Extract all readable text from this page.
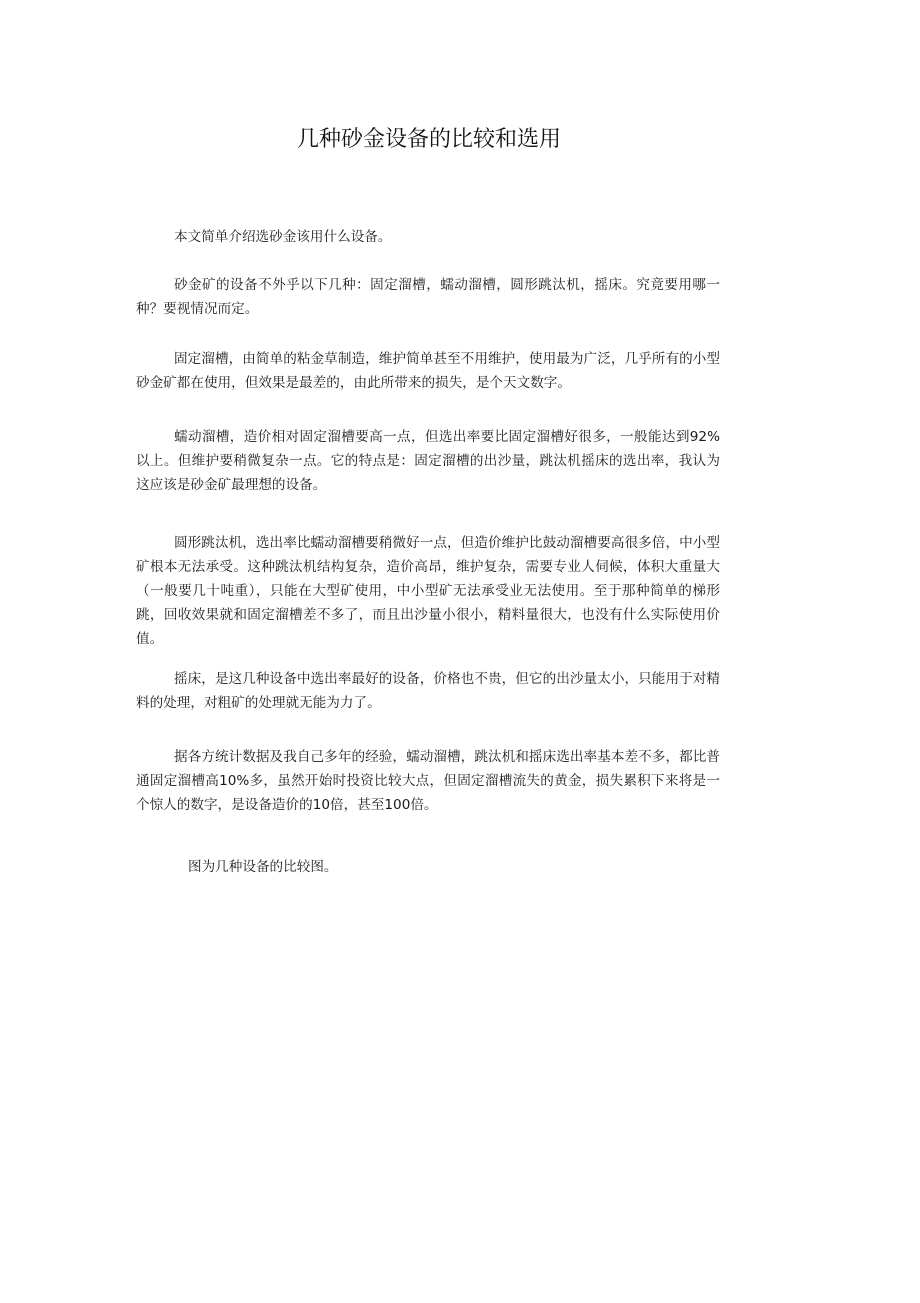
几种砂金设备的比较和选用

本文简单介绍选砂金该用什么设备。

砂金矿的设备不外乎以下几种：固定溜槽，蠕动溜槽，圆形跳汰机，摇床。究竟要用哪一种？要视情况而定。

固定溜槽，由简单的粘金草制造，维护简单甚至不用维护，使用最为广泛，几乎所有的小型砂金矿都在使用，但效果是最差的，由此所带来的损失，是个天文数字。

蠕动溜槽，造价相对固定溜槽要高一点，但选出率要比固定溜槽好很多，一般能达到92%以上。但维护要稍微复杂一点。它的特点是：固定溜槽的出沙量，跳汰机摇床的选出率，我认为这应该是砂金矿最理想的设备。

圆形跳汰机，选出率比蠕动溜槽要稍微好一点，但造价维护比鼓动溜槽要高很多倍，中小型矿根本无法承受。这种跳汰机结构复杂，造价高昂，维护复杂，需要专业人伺候，体积大重量大（一般要几十吨重），只能在大型矿使用，中小型矿无法承受业无法使用。至于那种简单的梯形跳，回收效果就和固定溜槽差不多了，而且出沙量小很小，精料量很大，也没有什么实际使用价值。

摇床，是这几种设备中选出率最好的设备，价格也不贵，但它的出沙量太小，只能用于对精料的处理，对粗矿的处理就无能为力了。

据各方统计数据及我自己多年的经验，蠕动溜槽，跳汰机和摇床选出率基本差不多，都比普通固定溜槽高10%多，虽然开始时投资比较大点，但固定溜槽流失的黄金，损失累积下来将是一个惊人的数字，是设备造价的10倍，甚至100倍。

图为几种设备的比较图。
